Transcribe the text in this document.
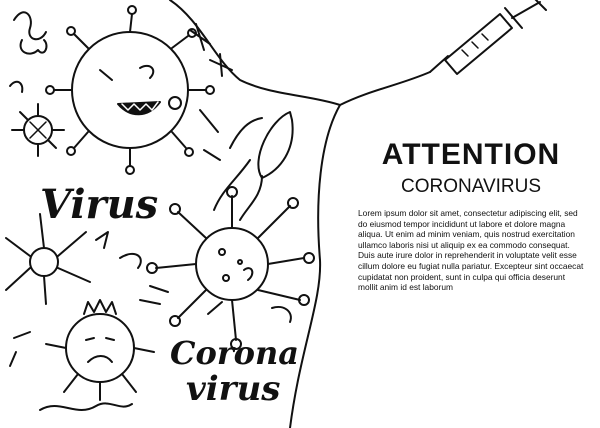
Virus
Corona
virus
ATTENTION
CORONAVIRUS

Lorem ipsum dolor sit amet, consectetur adipiscing elit, sed do eiusmod tempor incididunt ut labore et dolore magna aliqua. Ut enim ad minim veniam, quis nostrud exercitation ullamco laboris nisi ut aliquip ex ea commodo consequat. Duis aute irure dolor in reprehenderit in voluptate velit esse cillum dolore eu fugiat nulla pariatur. Excepteur sint occaecat cupidatat non proident, sunt in culpa qui officia deserunt mollit anim id est laborum
